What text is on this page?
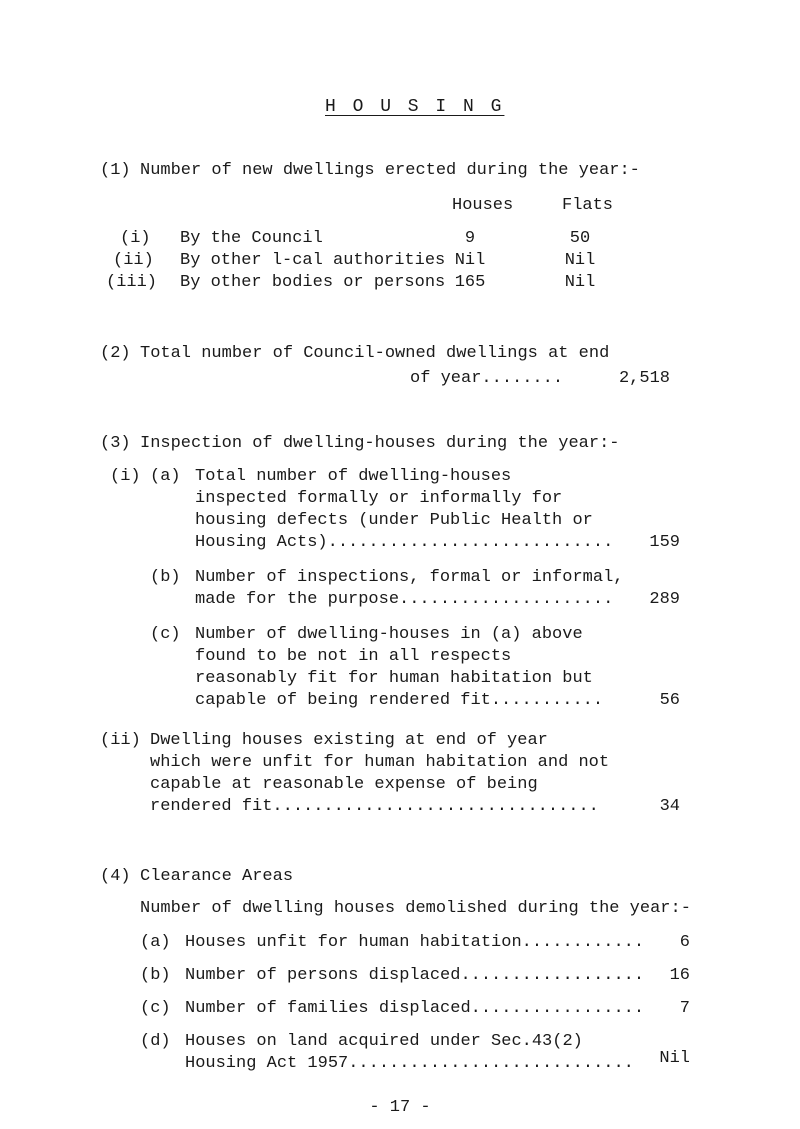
H O U S I N G
(1) Number of new dwellings erected during the year:-
Houses	Flats
(i) By the Council	9	50
(ii) By other l-cal authorities Nil	Nil
(iii) By other bodies or persons 165	Nil
(2) Total number of Council-owned dwellings at end
of year........	2,518
(3) Inspection of dwelling-houses during the year:-
(i) (a) Total number of dwelling-houses
inspected formally or informally for
housing defects (under Public Health or
Housing Acts)............................	159
(b) Number of inspections, formal or informal,
made for the purpose.....................	289
(c) Number of dwelling-houses in (a) above
found to be not in all respects
reasonably fit for human habitation but
capable of being rendered fit...........	56
(ii) Dwelling houses existing at end of year
which were unfit for human habitation and not
capable at reasonable expense of being
rendered fit................................	34
(4) Clearance Areas
Number of dwelling houses demolished during the year:-
(a) Houses unfit for human habitation............	6
(b) Number of persons displaced..................	16
(c) Number of families displaced.................	7
(d) Houses on land acquired under Sec.43(2)
Housing Act 1957............................	Nil
- 17 -
